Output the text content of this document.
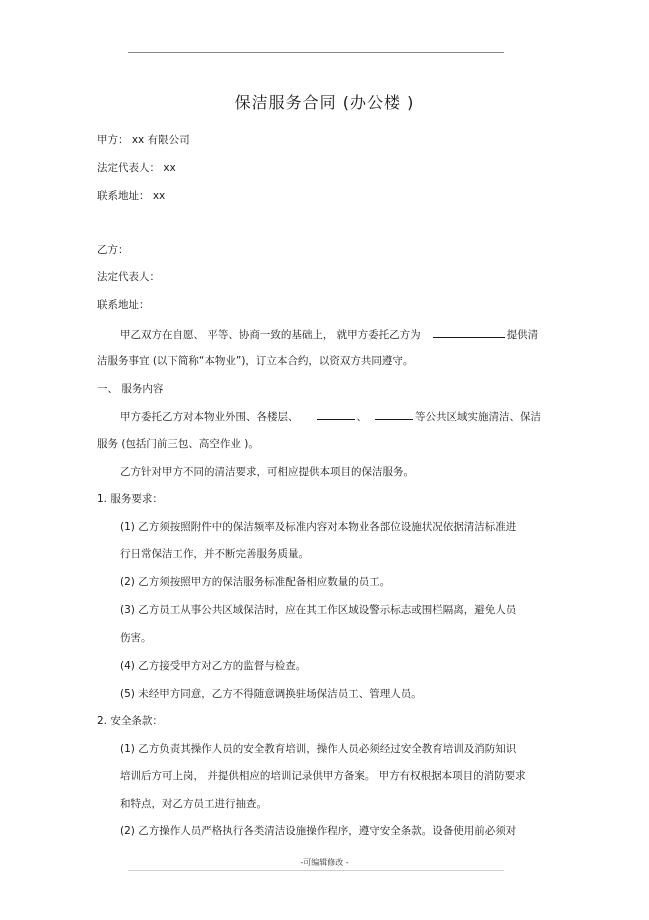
保洁服务合同 (办公楼 )
甲方： xx 有限公司
法定代表人： xx
联系地址： xx
乙方：
法定代表人：
联系地址：
甲乙双方在自愿、 平等、协商一致的基础上， 就甲方委托乙方为	提供清
洁服务事宜 (以下简称“本物业”)，订立本合约，以资双方共同遵守。
一、 服务内容
甲方委托乙方对本物业外围、各楼层、	、	等公共区域实施清洁、保洁
服务 (包括门前三包、高空作业 )。
乙方针对甲方不同的清洁要求，可相应提供本项目的保洁服务。
1. 服务要求：
(1) 乙方须按照附件中的保洁频率及标准内容对本物业各部位设施状况依据清洁标准进
行日常保洁工作，并不断完善服务质量。
(2) 乙方须按照甲方的保洁服务标准配备相应数量的员工。
(3) 乙方员工从事公共区域保洁时，应在其工作区域设警示标志或围栏隔离，避免人员
伤害。
(4) 乙方接受甲方对乙方的监督与检查。
(5) 未经甲方同意，乙方不得随意调换驻场保洁员工、管理人员。
2. 安全条款：
(1) 乙方负责其操作人员的安全教育培训，操作人员必须经过安全教育培训及消防知识
培训后方可上岗， 并提供相应的培训记录供甲方备案。 甲方有权根据本项目的消防要求
和特点，对乙方员工进行抽查。
(2) 乙方操作人员严格执行各类清洁设施操作程序，遵守安全条款。设备使用前必须对
-可编辑修改 -
